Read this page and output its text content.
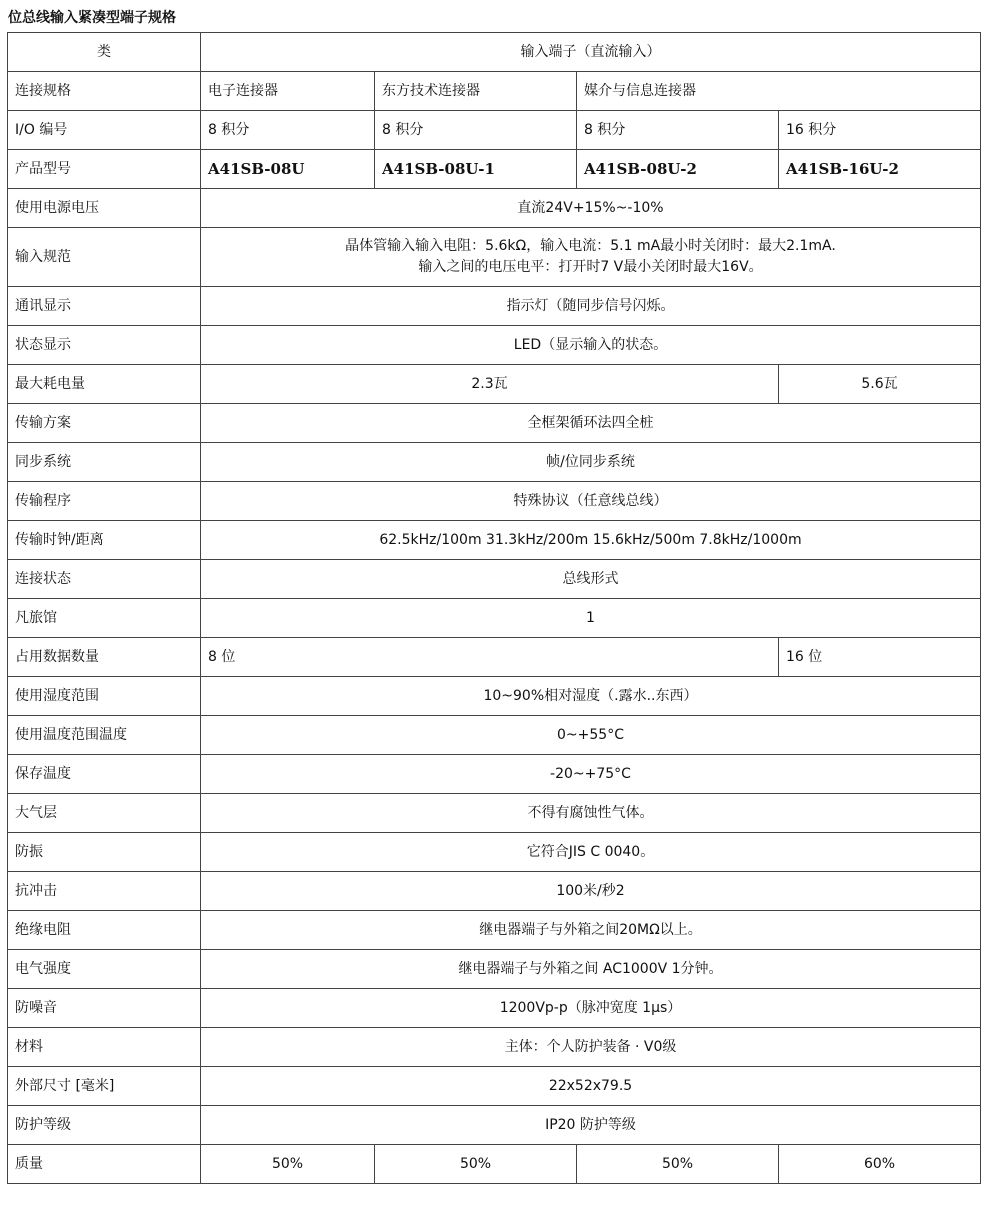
位总线输入紧凑型端子规格
类	输入端子（直流输入）			
连接规格	电子连接器	东方技术连接器	媒介与信息连接器	
I/O 编号	8 积分	8 积分	8 积分	16 积分
产品型号	A41SB-08U	A41SB-08U-1	A41SB-08U-2	A41SB-16U-2
使用电源电压	直流24V+15%~-10%			
输入规范	晶体管输入输入电阻：5.6kΩ，输入电流：5.1 mA最小时关闭时：最大2.1mA.
输入之间的电压电平：打开时7 V最小关闭时最大16V。			

通讯显示	指示灯（随同步信号闪烁。			
状态显示	LED（显示输入的状态。			
最大耗电量	2.3瓦			5.6瓦
传输方案	全框架循环法四全桩			
同步系统	帧/位同步系统			
传输程序	特殊协议（任意线总线）			
传输时钟/距离	62.5kHz/100m 31.3kHz/200m 15.6kHz/500m 7.8kHz/1000m			
连接状态	总线形式			
凡旅馆	1			
占用数据数量	8 位			16 位
使用湿度范围	10~90%相对湿度（.露水..东西）			
使用温度范围温度	0~+55°C			
保存温度	-20~+75°C			
大气层	不得有腐蚀性气体。			
防振	它符合JIS C 0040。			
抗冲击	100米/秒2			
绝缘电阻	继电器端子与外箱之间20MΩ以上。			
电气强度	继电器端子与外箱之间 AC1000V 1分钟。			
防噪音	1200Vp-p（脉冲宽度 1μs）			
材料	主体：个人防护装备 · V0级			
外部尺寸 [毫米]	22x52x79.5			
防护等级	IP20 防护等级			
质量	50%	50%	50%	60%
